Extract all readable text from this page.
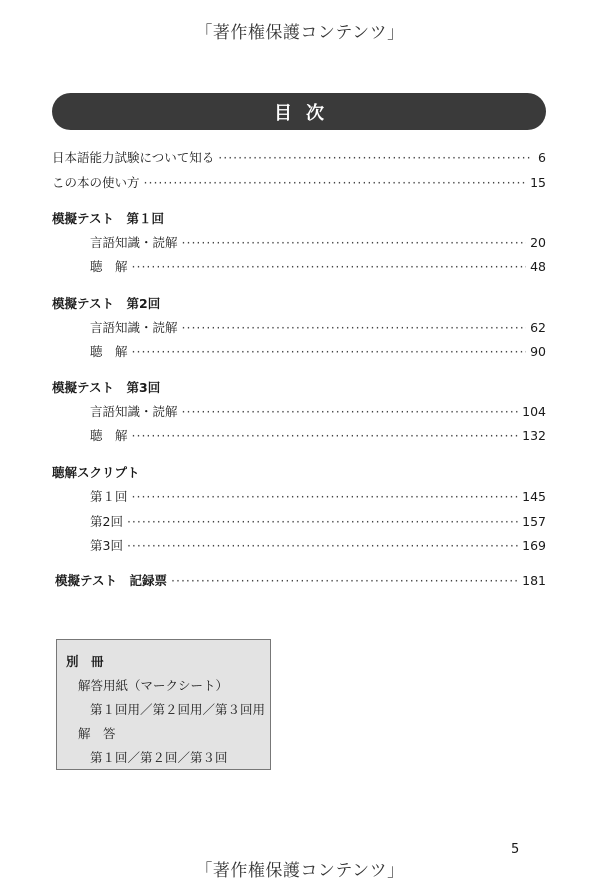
「著作権保護コンテンツ」
目次
日本語能力試験について知る ·····	6
この本の使い方 ·····	15
模擬テスト　第１回
言語知識・読解 ·····	20
聴　解 ·····	48
模擬テスト　第2回
言語知識・読解 ·····	62
聴　解 ·····	90
模擬テスト　第3回
言語知識・読解 ·····	104
聴　解 ·····	132
聴解スクリプト
第１回 ·····	145
第2回 ·····	157
第3回 ·····	169
模擬テスト　記録票 ·····	181
別　冊
解答用紙（マークシート）
第１回用／第２回用／第３回用
解　答
第１回／第２回／第３回
5
「著作権保護コンテンツ」
